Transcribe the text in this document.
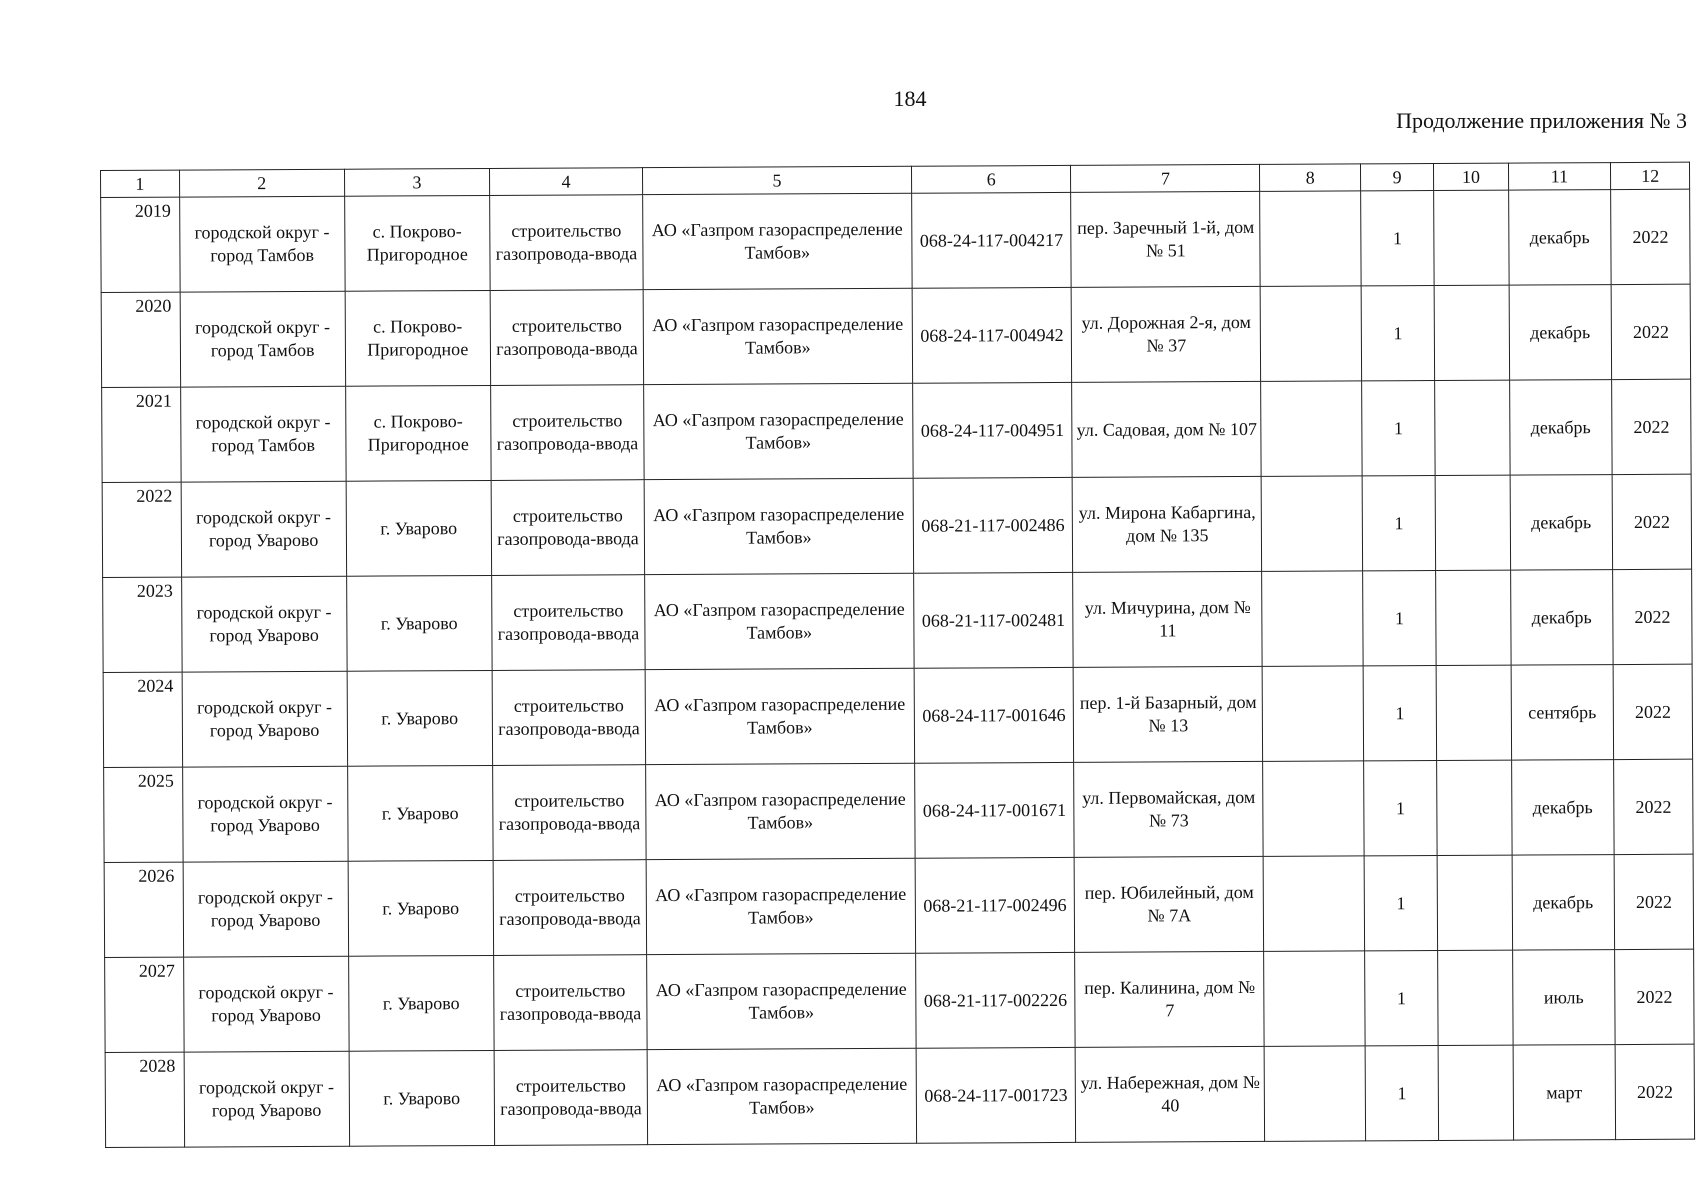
184
Продолжение приложения № 3
1	2	3	4	5	6	7	8	9	10	11	12
2019	городской округ - город Тамбов	с. Покрово-Пригородное	строительство газопровода-ввода	АО «Газпром газораспределение Тамбов»	068-24-117-004217	пер. Заречный 1-й, дом № 51		1		декабрь	2022
2020	городской округ - город Тамбов	с. Покрово-Пригородное	строительство газопровода-ввода	АО «Газпром газораспределение Тамбов»	068-24-117-004942	ул. Дорожная 2-я, дом № 37		1		декабрь	2022
2021	городской округ - город Тамбов	с. Покрово-Пригородное	строительство газопровода-ввода	АО «Газпром газораспределение Тамбов»	068-24-117-004951	ул. Садовая, дом № 107		1		декабрь	2022
2022	городской округ - город Уварово	г. Уварово	строительство газопровода-ввода	АО «Газпром газораспределение Тамбов»	068-21-117-002486	ул. Мирона Кабаргина, дом № 135		1		декабрь	2022
2023	городской округ - город Уварово	г. Уварово	строительство газопровода-ввода	АО «Газпром газораспределение Тамбов»	068-21-117-002481	ул. Мичурина, дом № 11		1		декабрь	2022
2024	городской округ - город Уварово	г. Уварово	строительство газопровода-ввода	АО «Газпром газораспределение Тамбов»	068-24-117-001646	пер. 1-й Базарный, дом № 13		1		сентябрь	2022
2025	городской округ - город Уварово	г. Уварово	строительство газопровода-ввода	АО «Газпром газораспределение Тамбов»	068-24-117-001671	ул. Первомайская, дом № 73		1		декабрь	2022
2026	городской округ - город Уварово	г. Уварово	строительство газопровода-ввода	АО «Газпром газораспределение Тамбов»	068-21-117-002496	пер. Юбилейный, дом № 7А		1		декабрь	2022
2027	городской округ - город Уварово	г. Уварово	строительство газопровода-ввода	АО «Газпром газораспределение Тамбов»	068-21-117-002226	пер. Калинина, дом № 7		1		июль	2022
2028	городской округ - город Уварово	г. Уварово	строительство газопровода-ввода	АО «Газпром газораспределение Тамбов»	068-24-117-001723	ул. Набережная, дом № 40		1		март	2022
